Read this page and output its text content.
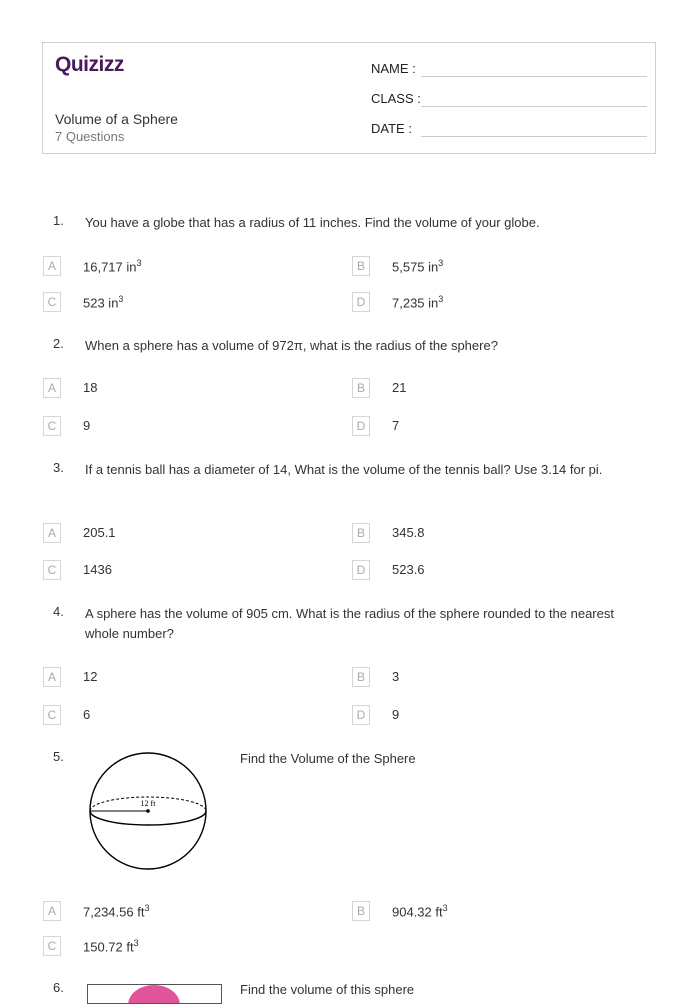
Quizizz
Volume of a Sphere
7 Questions
NAME :
CLASS :
DATE :
1. You have a globe that has a radius of 11 inches. Find the volume of your globe.
A	16,717 $in^3$	B	5,575 $in^3$
C	523 $in^3$	D	7,235 $in^3$
2. When a sphere has a volume of 972π, what is the radius of the sphere?
A	18	B	21
C	9	D	7
3. If a tennis ball has a diameter of 14, What is the volume of the tennis ball? Use 3.14 for pi.
A	205.1	B	345.8
C	1436	D	523.6
4. A sphere has the volume of 905 cm. What is the radius of the sphere rounded to the nearest whole number?
A	12	B	3
C	6	D	9
5.	Find the Volume of the Sphere
12 ft
A	7,234.56 $ft^3$	B	904.32 $ft^3$
C	150.72 $ft^3$
6.	Find the volume of this sphere
